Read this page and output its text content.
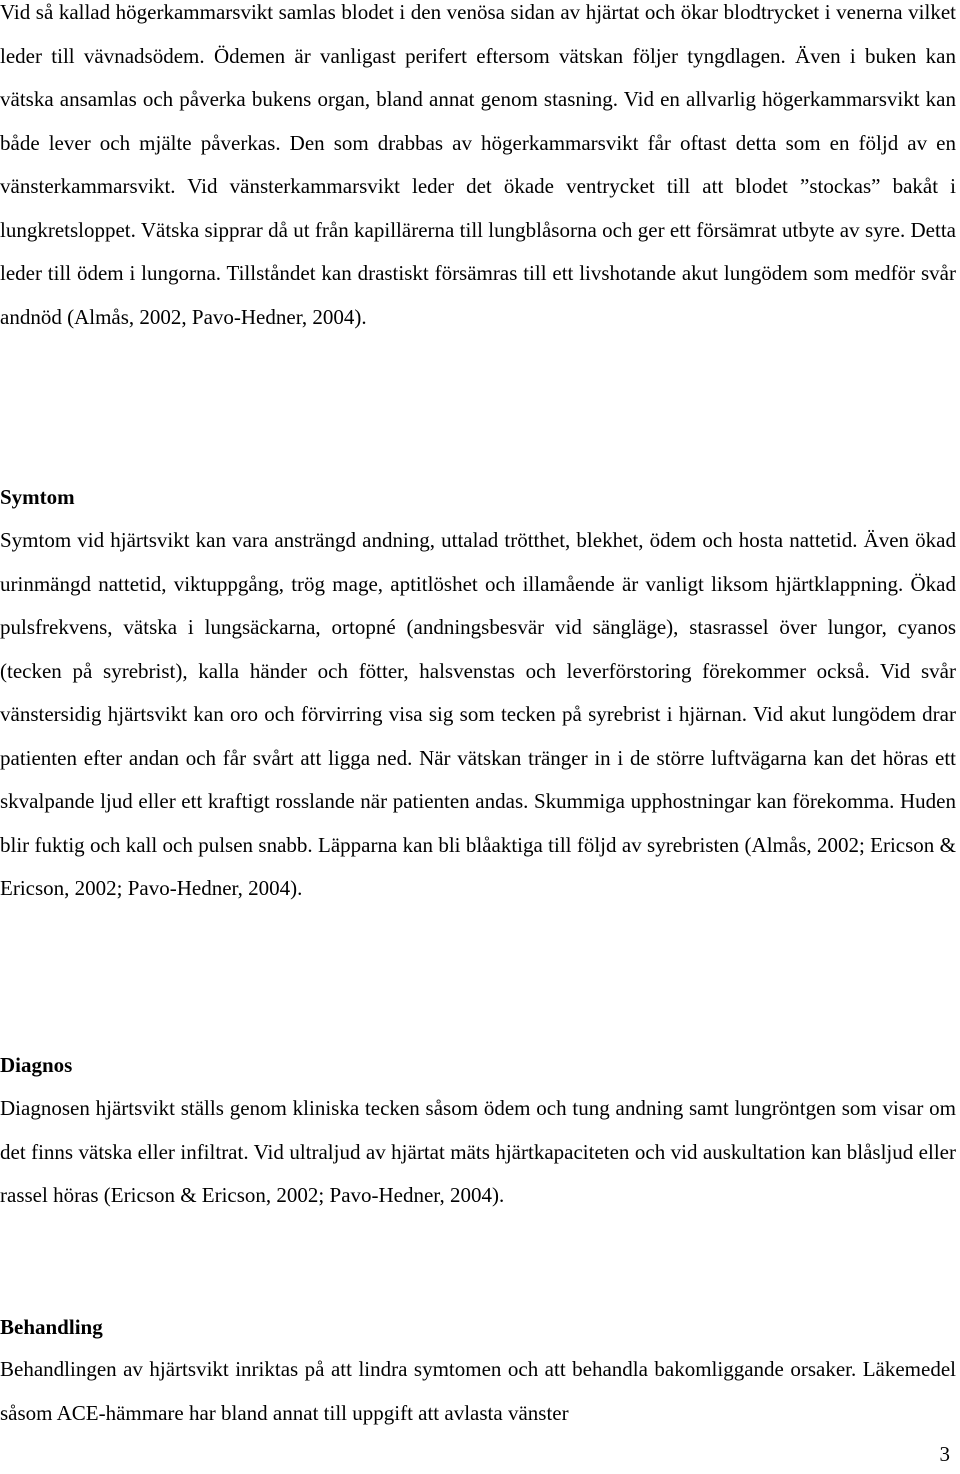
Vid så kallad högerkammarsvikt samlas blodet i den venösa sidan av hjärtat och ökar blodtrycket i venerna vilket leder till vävnadsödem. Ödemen är vanligast perifert eftersom vätskan följer tyngdlagen. Även i buken kan vätska ansamlas och påverka bukens organ, bland annat genom stasning. Vid en allvarlig högerkammarsvikt kan både lever och mjälte påverkas. Den som drabbas av högerkammarsvikt får oftast detta som en följd av en vänsterkammarsvikt. Vid vänsterkammarsvikt leder det ökade ventrycket till att blodet ”stockas” bakåt i lungkretsloppet. Vätska sipprar då ut från kapillärerna till lungblåsorna och ger ett försämrat utbyte av syre. Detta leder till ödem i lungorna. Tillståndet kan drastiskt försämras till ett livshotande akut lungödem som medför svår andnöd (Almås, 2002, Pavo-Hedner, 2004).

Symtom

Symtom vid hjärtsvikt kan vara ansträngd andning, uttalad trötthet, blekhet, ödem och hosta nattetid. Även ökad urinmängd nattetid, viktuppgång, trög mage, aptitlöshet och illamående är vanligt liksom hjärtklappning. Ökad pulsfrekvens, vätska i lungsäckarna, ortopné (andningsbesvär vid sängläge), stasrassel över lungor, cyanos (tecken på syrebrist), kalla händer och fötter, halsvenstas och leverförstoring förekommer också. Vid svår vänstersidig hjärtsvikt kan oro och förvirring visa sig som tecken på syrebrist i hjärnan. Vid akut lungödem drar patienten efter andan och får svårt att ligga ned. När vätskan tränger in i de större luftvägarna kan det höras ett skvalpande ljud eller ett kraftigt rosslande när patienten andas. Skummiga upphostningar kan förekomma. Huden blir fuktig och kall och pulsen snabb. Läpparna kan bli blåaktiga till följd av syrebristen (Almås, 2002; Ericson & Ericson, 2002; Pavo-Hedner, 2004).

Diagnos

Diagnosen hjärtsvikt ställs genom kliniska tecken såsom ödem och tung andning samt lungröntgen som visar om det finns vätska eller infiltrat. Vid ultraljud av hjärtat mäts hjärtkapaciteten och vid auskultation kan blåsljud eller rassel höras (Ericson & Ericson, 2002; Pavo-Hedner, 2004).

Behandling

Behandlingen av hjärtsvikt inriktas på att lindra symtomen och att behandla bakomliggande orsaker. Läkemedel såsom ACE-hämmare har bland annat till uppgift att avlasta vänster

3
